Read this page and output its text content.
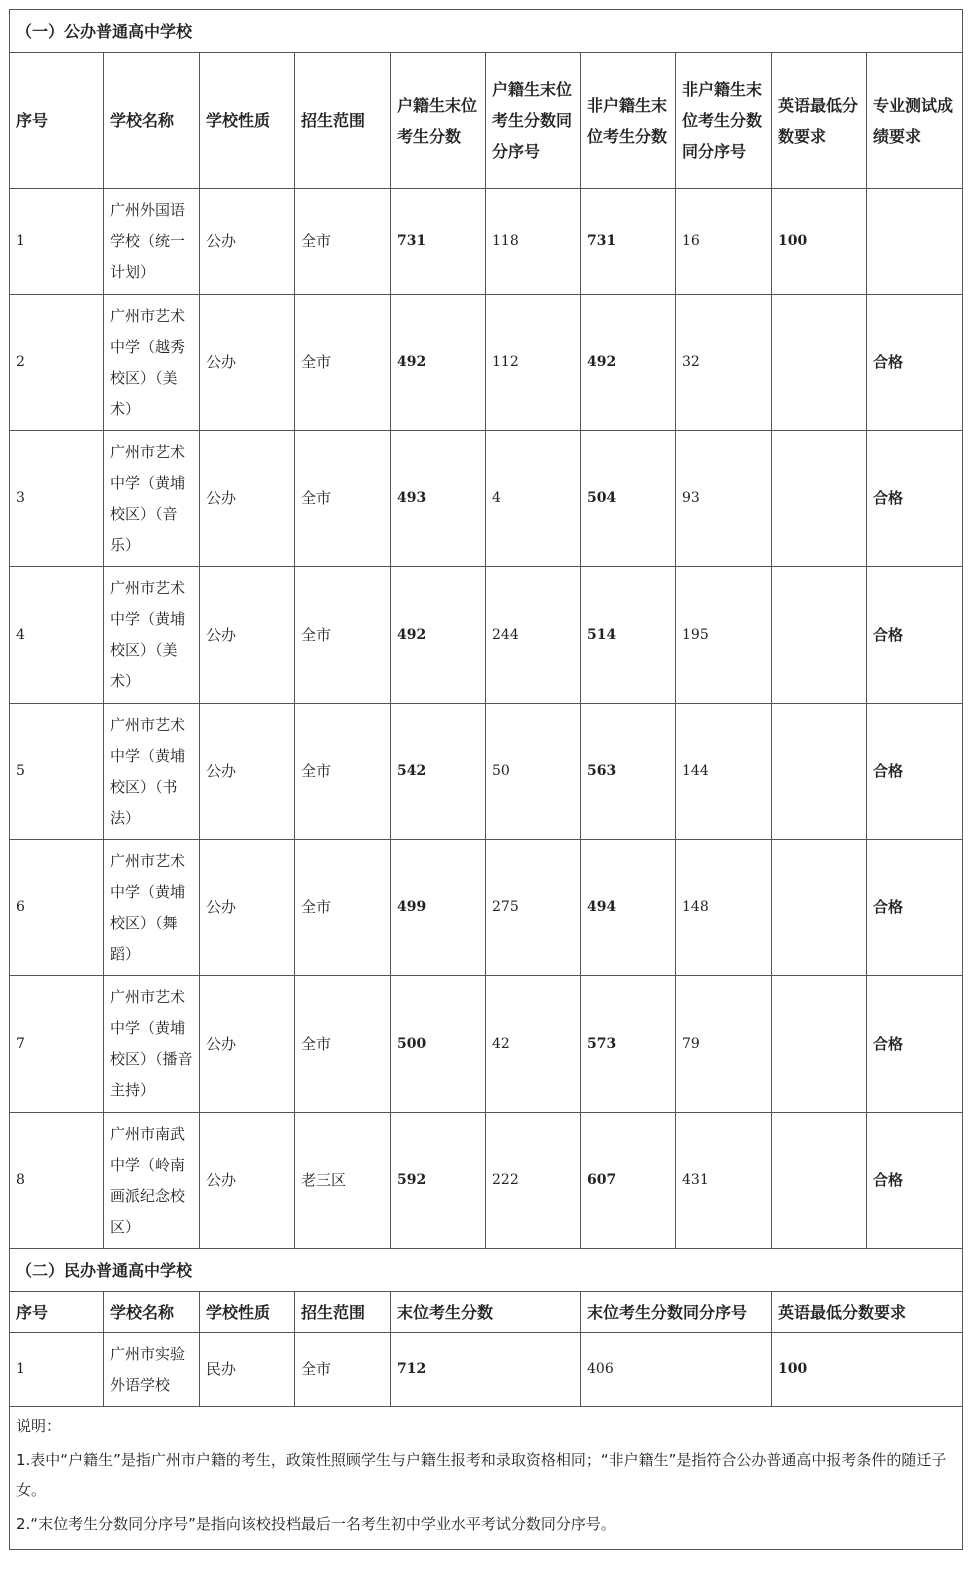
（一）公办普通高中学校									
序号	学校名称	学校性质	招生范围	户籍生末位考生分数	户籍生末位考生分数同分序号	非户籍生末位考生分数	非户籍生末位考生分数同分序号	英语最低分数要求	专业测试成绩要求
1	广州外国语学校（统一计划）	公办	全市	731	118	731	16	100	
2	广州市艺术中学（越秀校区）（美术）	公办	全市	492	112	492	32		合格
3	广州市艺术中学（黄埔校区）（音乐）	公办	全市	493	4	504	93		合格
4	广州市艺术中学（黄埔校区）（美术）	公办	全市	492	244	514	195		合格
5	广州市艺术中学（黄埔校区）（书法）	公办	全市	542	50	563	144		合格
6	广州市艺术中学（黄埔校区）（舞蹈）	公办	全市	499	275	494	148		合格
7	广州市艺术中学（黄埔校区）（播音主持）	公办	全市	500	42	573	79		合格
8	广州市南武中学（岭南画派纪念校区）	公办	老三区	592	222	607	431		合格
（二）民办普通高中学校									
序号	学校名称	学校性质	招生范围	末位考生分数		末位考生分数同分序号		英语最低分数要求	
1	广州市实验外语学校	民办	全市	712		406		100	

说明：

1.表中“户籍生”是指广州市户籍的考生，政策性照顾学生与户籍生报考和录取资格相同；“非户籍生”是指符合公办普通高中报考条件的随迁子女。

2.“末位考生分数同分序号”是指向该校投档最后一名考生初中学业水平考试分数同分序号。									
